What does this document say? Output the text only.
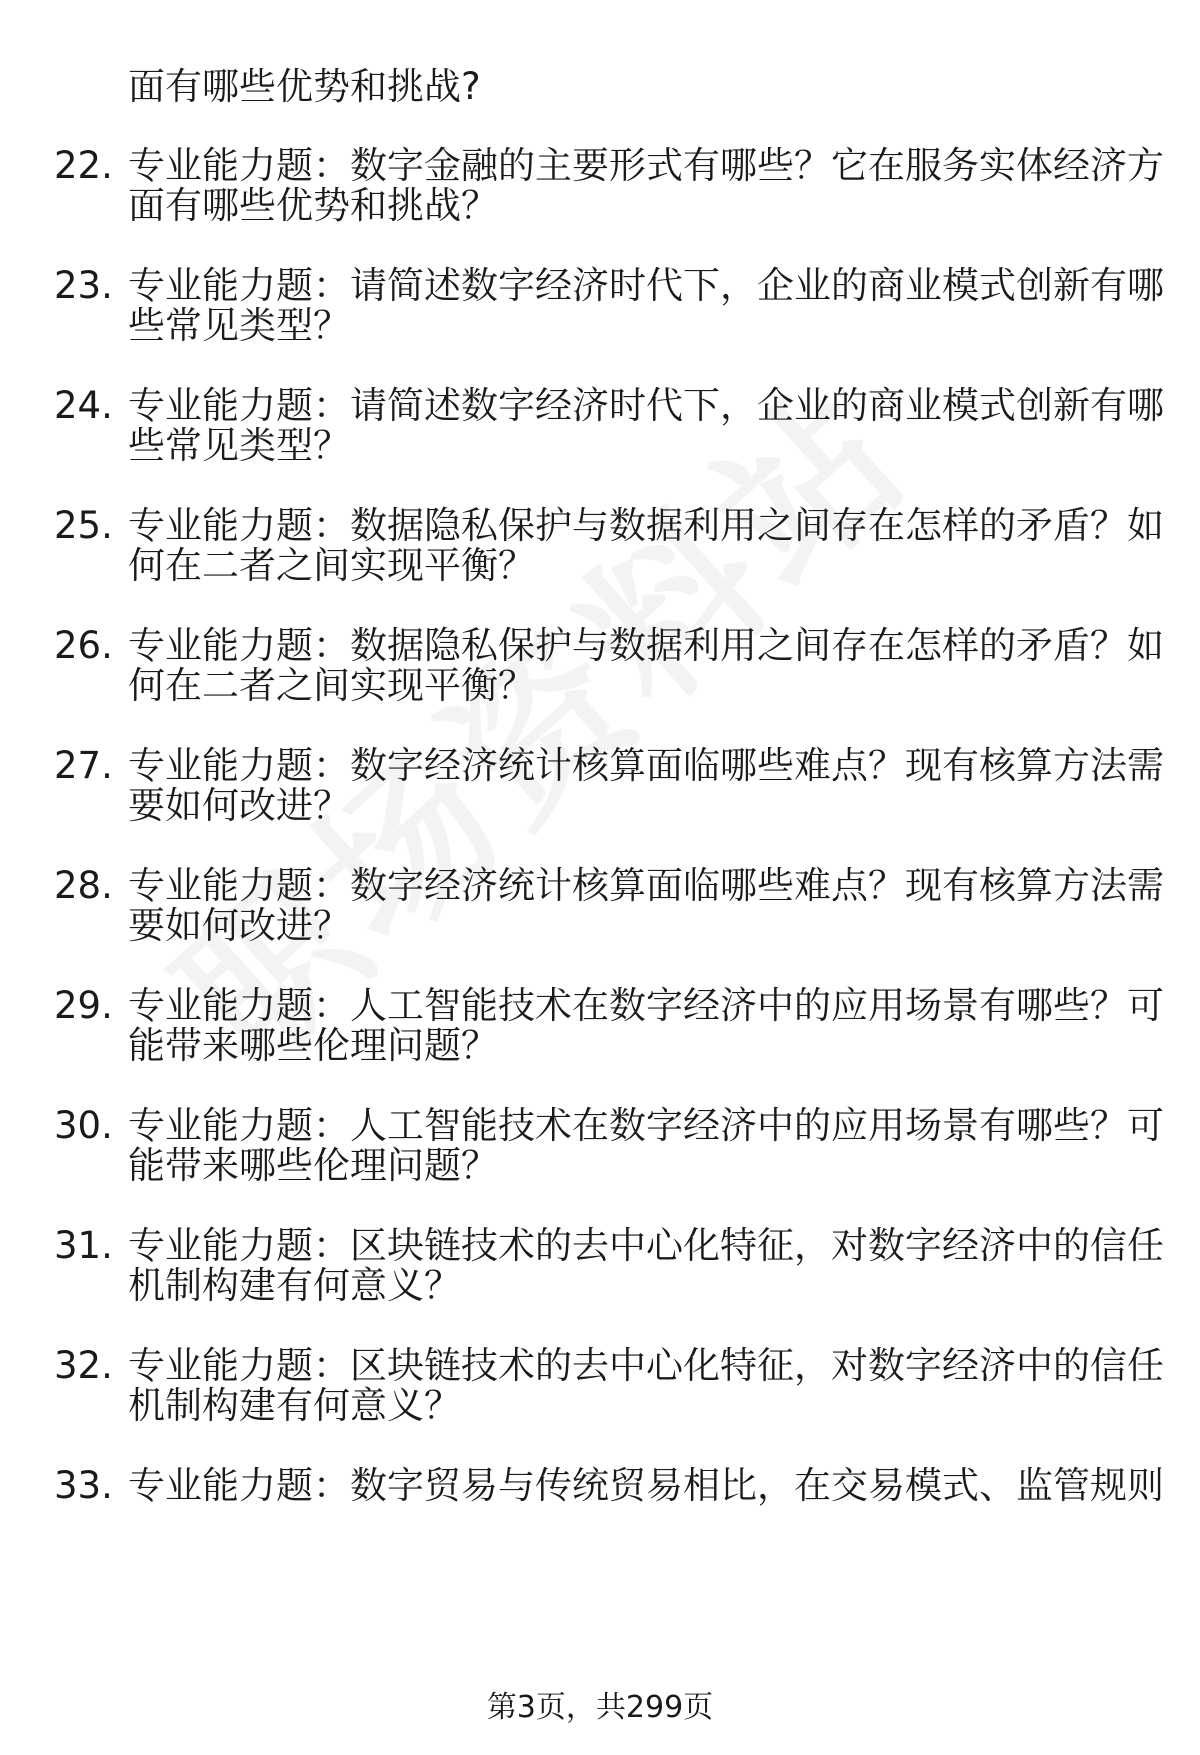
面有哪些优势和挑战?
22. 专业能力题：数字金融的主要形式有哪些？它在服务实体经济方
面有哪些优势和挑战？
23. 专业能力题：请简述数字经济时代下，企业的商业模式创新有哪
些常见类型？
24. 专业能力题：请简述数字经济时代下，企业的商业模式创新有哪
些常见类型？
25. 专业能力题：数据隐私保护与数据利用之间存在怎样的矛盾？如
何在二者之间实现平衡？
26. 专业能力题：数据隐私保护与数据利用之间存在怎样的矛盾？如
何在二者之间实现平衡？
27. 专业能力题：数字经济统计核算面临哪些难点？现有核算方法需
要如何改进？
28. 专业能力题：数字经济统计核算面临哪些难点？现有核算方法需
要如何改进？
29. 专业能力题：人工智能技术在数字经济中的应用场景有哪些？可
能带来哪些伦理问题？
30. 专业能力题：人工智能技术在数字经济中的应用场景有哪些？可
能带来哪些伦理问题？
31. 专业能力题：区块链技术的去中心化特征，对数字经济中的信任
机制构建有何意义？
32. 专业能力题：区块链技术的去中心化特征，对数字经济中的信任
机制构建有何意义？
33. 专业能力题：数字贸易与传统贸易相比，在交易模式、监管规则
第3页，共299页
